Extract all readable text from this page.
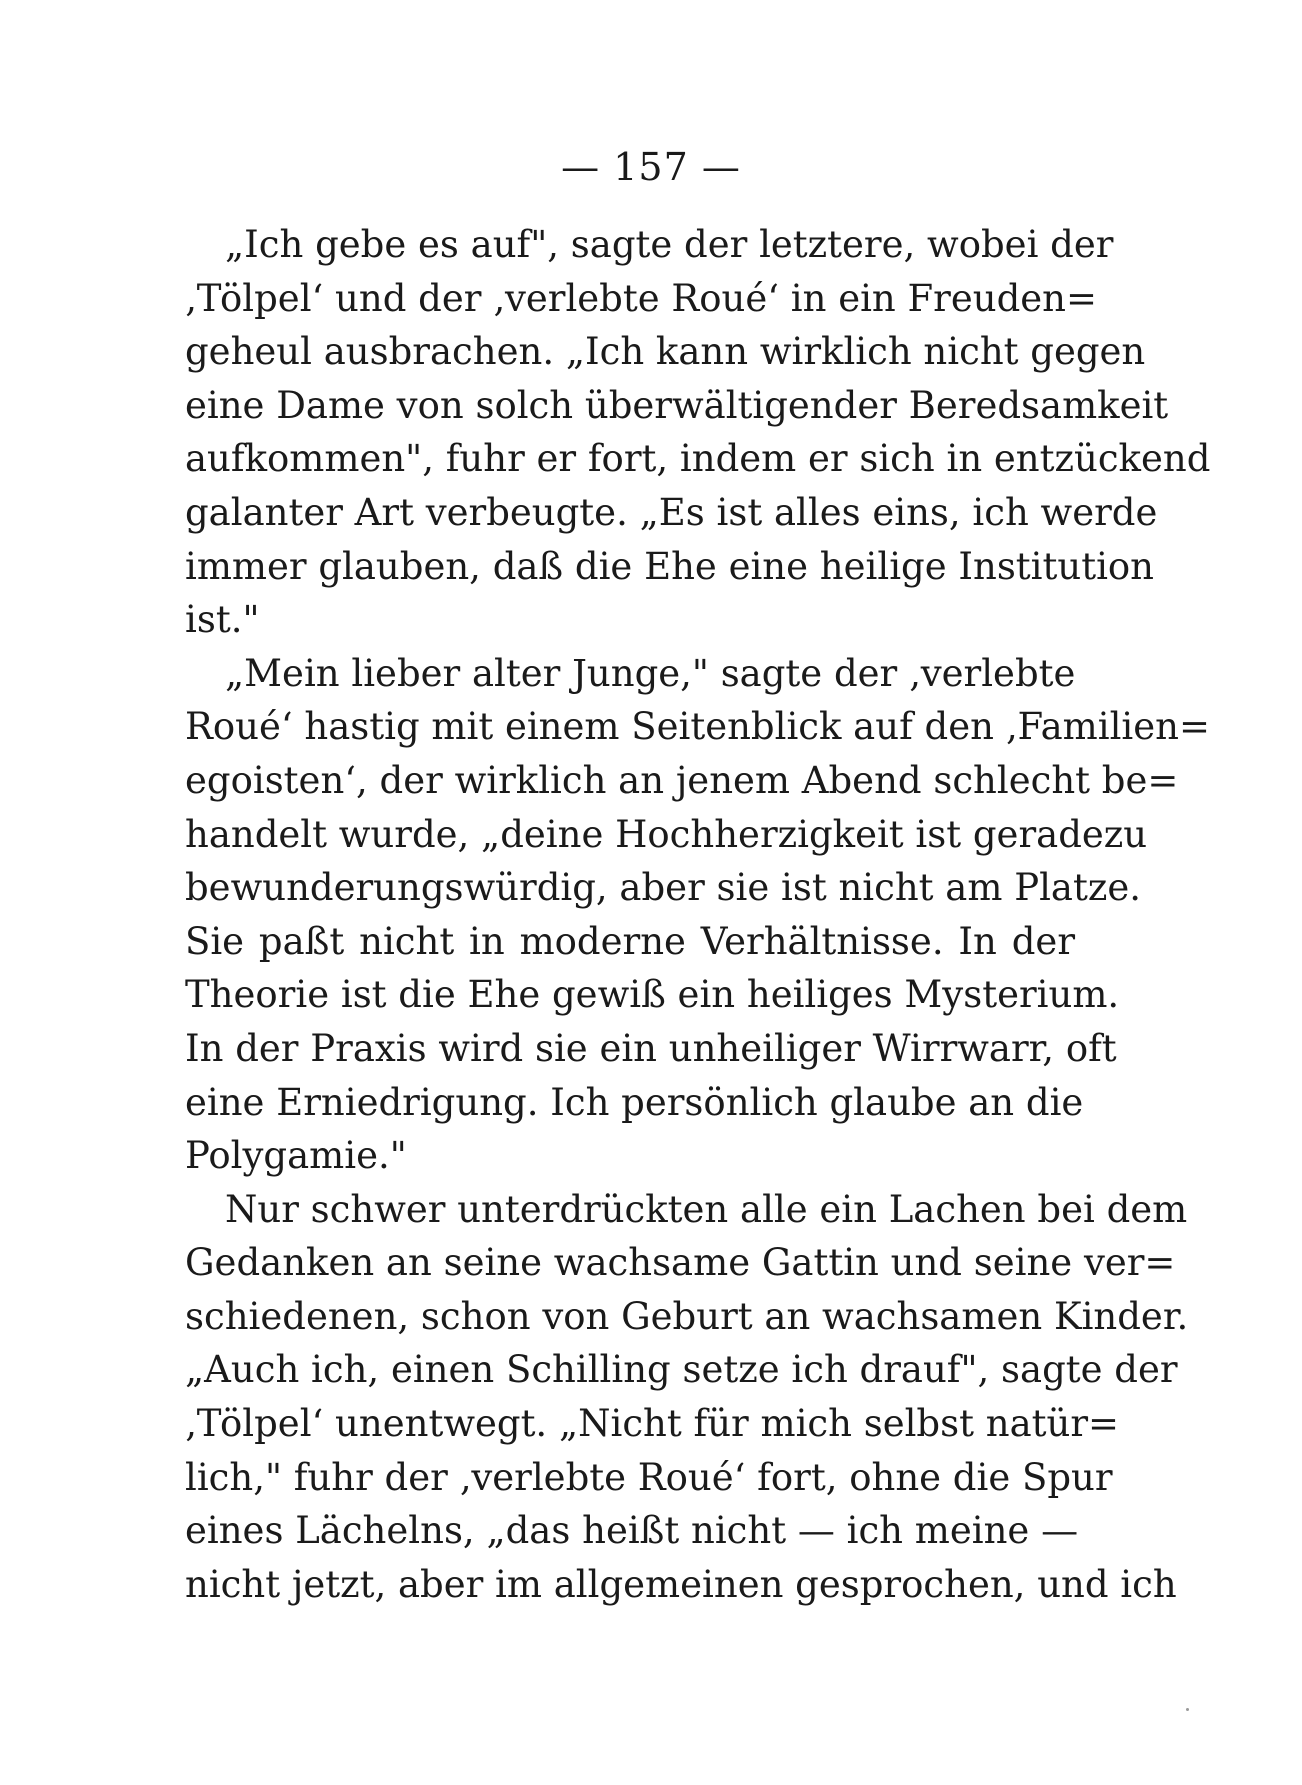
— 157 —
„Ich gebe es auf", sagte der letztere, wobei der
‚Tölpel‘ und der ‚verlebte Roué‘ in ein Freuden=
geheul ausbrachen. „Ich kann wirklich nicht gegen
eine Dame von solch überwältigender Beredsamkeit
aufkommen", fuhr er fort, indem er sich in entzückend
galanter Art verbeugte. „Es ist alles eins, ich werde
immer glauben, daß die Ehe eine heilige Institution
ist."
„Mein lieber alter Junge," sagte der ‚verlebte
Roué‘ hastig mit einem Seitenblick auf den ‚Familien=
egoisten‘, der wirklich an jenem Abend schlecht be=
handelt wurde, „deine Hochherzigkeit ist geradezu
bewunderungswürdig, aber sie ist nicht am Platze.
Sie paßt nicht in moderne Verhältnisse. In der
Theorie ist die Ehe gewiß ein heiliges Mysterium.
In der Praxis wird sie ein unheiliger Wirrwarr, oft
eine Erniedrigung. Ich persönlich glaube an die
Polygamie."
Nur schwer unterdrückten alle ein Lachen bei dem
Gedanken an seine wachsame Gattin und seine ver=
schiedenen, schon von Geburt an wachsamen Kinder.
„Auch ich, einen Schilling setze ich drauf", sagte der
‚Tölpel‘ unentwegt. „Nicht für mich selbst natür=
lich," fuhr der ‚verlebte Roué‘ fort, ohne die Spur
eines Lächelns, „das heißt nicht — ich meine —
nicht jetzt, aber im allgemeinen gesprochen, und ich
